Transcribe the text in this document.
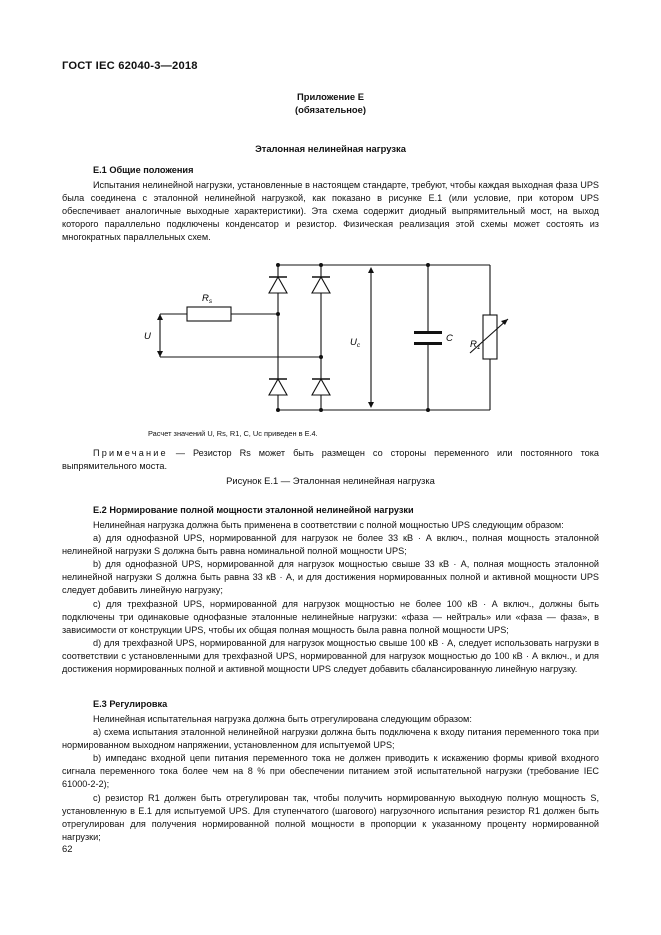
ГОСТ IEC 62040-3—2018
Приложение Е
(обязательное)
Эталонная нелинейная нагрузка
Е.1 Общие положения

Испытания нелинейной нагрузки, установленные в настоящем стандарте, требуют, чтобы каждая выходная фаза UPS была соединена с эталонной нелинейной нагрузкой, как показано в рисунке Е.1 (или условие, при котором UPS обеспечивает аналогичные выходные характеристики). Эта схема содержит диодный выпрямительный мост, на выход которого параллельно подключены конденсатор и резистор. Физическая реализация этой схемы может состоять из многократных параллельных схем.

$R_s$
U
$U_c$
C
$R_1$
Расчет значений U, Rs, R1, C, Uc приведен в Е.4.
Примечание — Резистор Rs может быть размещен со стороны переменного или постоянного тока выпрямительного моста.
Рисунок Е.1 — Эталонная нелинейная нагрузка
Е.2 Нормирование полной мощности эталонной нелинейной нагрузки

Нелинейная нагрузка должна быть применена в соответствии с полной мощностью UPS следующим образом:

a) для однофазной UPS, нормированной для нагрузок не более 33 кВ · А включ., полная мощность эталонной нелинейной нагрузки S должна быть равна номинальной полной мощности UPS;

b) для однофазной UPS, нормированной для нагрузок мощностью свыше 33 кВ · А, полная мощность эталонной нелинейной нагрузки S должна быть равна 33 кВ · А, и для достижения нормированных полной и активной мощности UPS следует добавить линейную нагрузку;

c) для трехфазной UPS, нормированной для нагрузок мощностью не более 100 кВ · А включ., должны быть подключены три одинаковые однофазные эталонные нелинейные нагрузки: «фаза — нейтраль» или «фаза — фаза», в зависимости от конструкции UPS, чтобы их общая полная мощность была равна полной мощности UPS;

d) для трехфазной UPS, нормированной для нагрузок мощностью свыше 100 кВ · А, следует использовать нагрузки в соответствии с установленными для трехфазной UPS, нормированной для нагрузок мощностью до 100 кВ · А включ., и для достижения нормированных полной и активной мощности UPS следует добавить сбалансированную линейную нагрузку.

Е.3 Регулировка

Нелинейная испытательная нагрузка должна быть отрегулирована следующим образом:

a) схема испытания эталонной нелинейной нагрузки должна быть подключена к входу питания переменного тока при нормированном выходном напряжении, установленном для испытуемой UPS;

b) импеданс входной цепи питания переменного тока не должен приводить к искажению формы кривой входного сигнала переменного тока более чем на 8 % при обеспечении питанием этой испытательной нагрузки (требование IEC 61000-2-2);

c) резистор R1 должен быть отрегулирован так, чтобы получить нормированную выходную полную мощность S, установленную в Е.1 для испытуемой UPS. Для ступенчатого (шагового) нагрузочного испытания резистор R1 должен быть отрегулирован для получения нормированной полной мощности в пропорции к указанному проценту нормированной нагрузки;

62
